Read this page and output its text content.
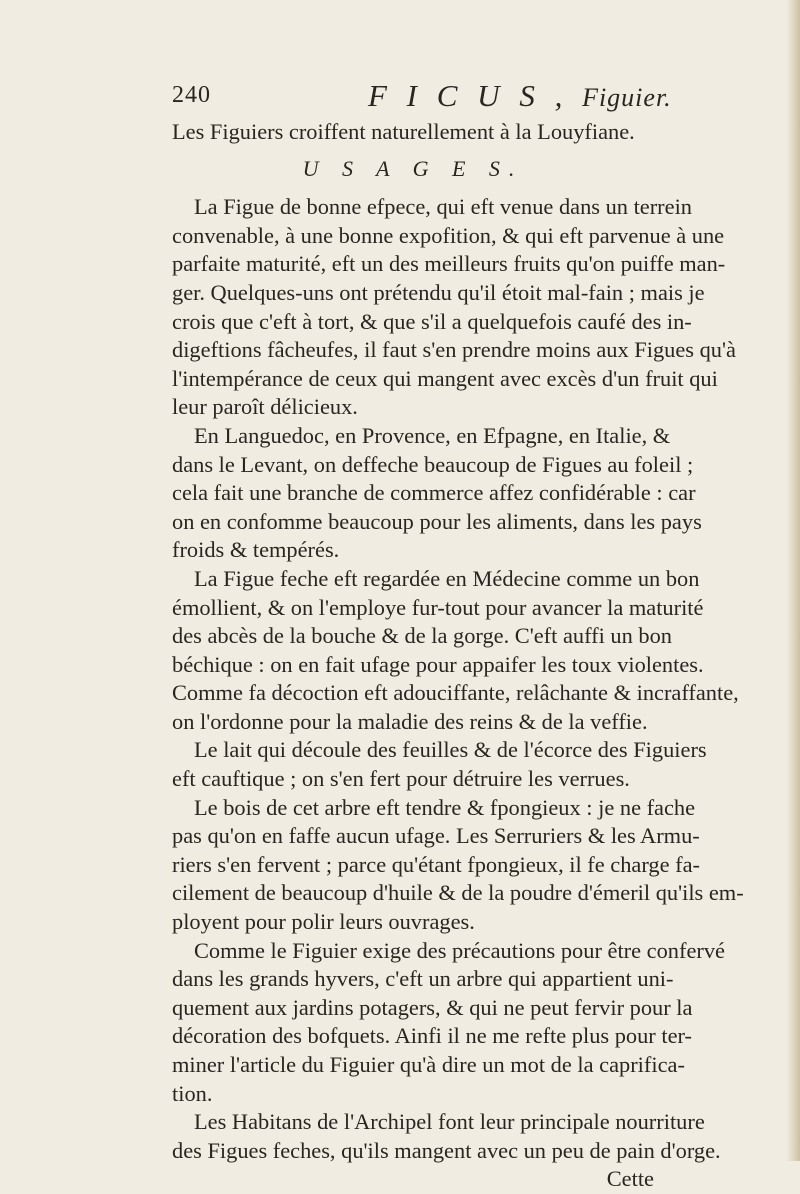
240	F I C U S , Figuier.
Les Figuiers croiffent naturellement à la Louyfiane.
U S A G E S.
La Figue de bonne efpece, qui eft venue dans un terrein
convenable, à une bonne expofition, & qui eft parvenue à une
parfaite maturité, eft un des meilleurs fruits qu'on puiffe man-
ger. Quelques-uns ont prétendu qu'il étoit mal-fain ; mais je
crois que c'eft à tort, & que s'il a quelquefois caufé des in-
digeftions fâcheufes, il faut s'en prendre moins aux Figues qu'à
l'intempérance de ceux qui mangent avec excès d'un fruit qui
leur paroît délicieux.
En Languedoc, en Provence, en Efpagne, en Italie, &
dans le Levant, on deffeche beaucoup de Figues au foleil ;
cela fait une branche de commerce affez confidérable : car
on en confomme beaucoup pour les aliments, dans les pays
froids & tempérés.
La Figue feche eft regardée en Médecine comme un bon
émollient, & on l'employe fur-tout pour avancer la maturité
des abcès de la bouche & de la gorge. C'eft auffi un bon
béchique : on en fait ufage pour appaifer les toux violentes.
Comme fa décoction eft adouciffante, relâchante & incraffante,
on l'ordonne pour la maladie des reins & de la veffie.
Le lait qui découle des feuilles & de l'écorce des Figuiers
eft cauftique ; on s'en fert pour détruire les verrues.
Le bois de cet arbre eft tendre & fpongieux : je ne fache
pas qu'on en faffe aucun ufage. Les Serruriers & les Armu-
riers s'en fervent ; parce qu'étant fpongieux, il fe charge fa-
cilement de beaucoup d'huile & de la poudre d'émeril qu'ils em-
ployent pour polir leurs ouvrages.
Comme le Figuier exige des précautions pour être confervé
dans les grands hyvers, c'eft un arbre qui appartient uni-
quement aux jardins potagers, & qui ne peut fervir pour la
décoration des bofquets. Ainfi il ne me refte plus pour ter-
miner l'article du Figuier qu'à dire un mot de la caprifica-
tion.
Les Habitans de l'Archipel font leur principale nourriture
des Figues feches, qu'ils mangent avec un peu de pain d'orge.
Cette
